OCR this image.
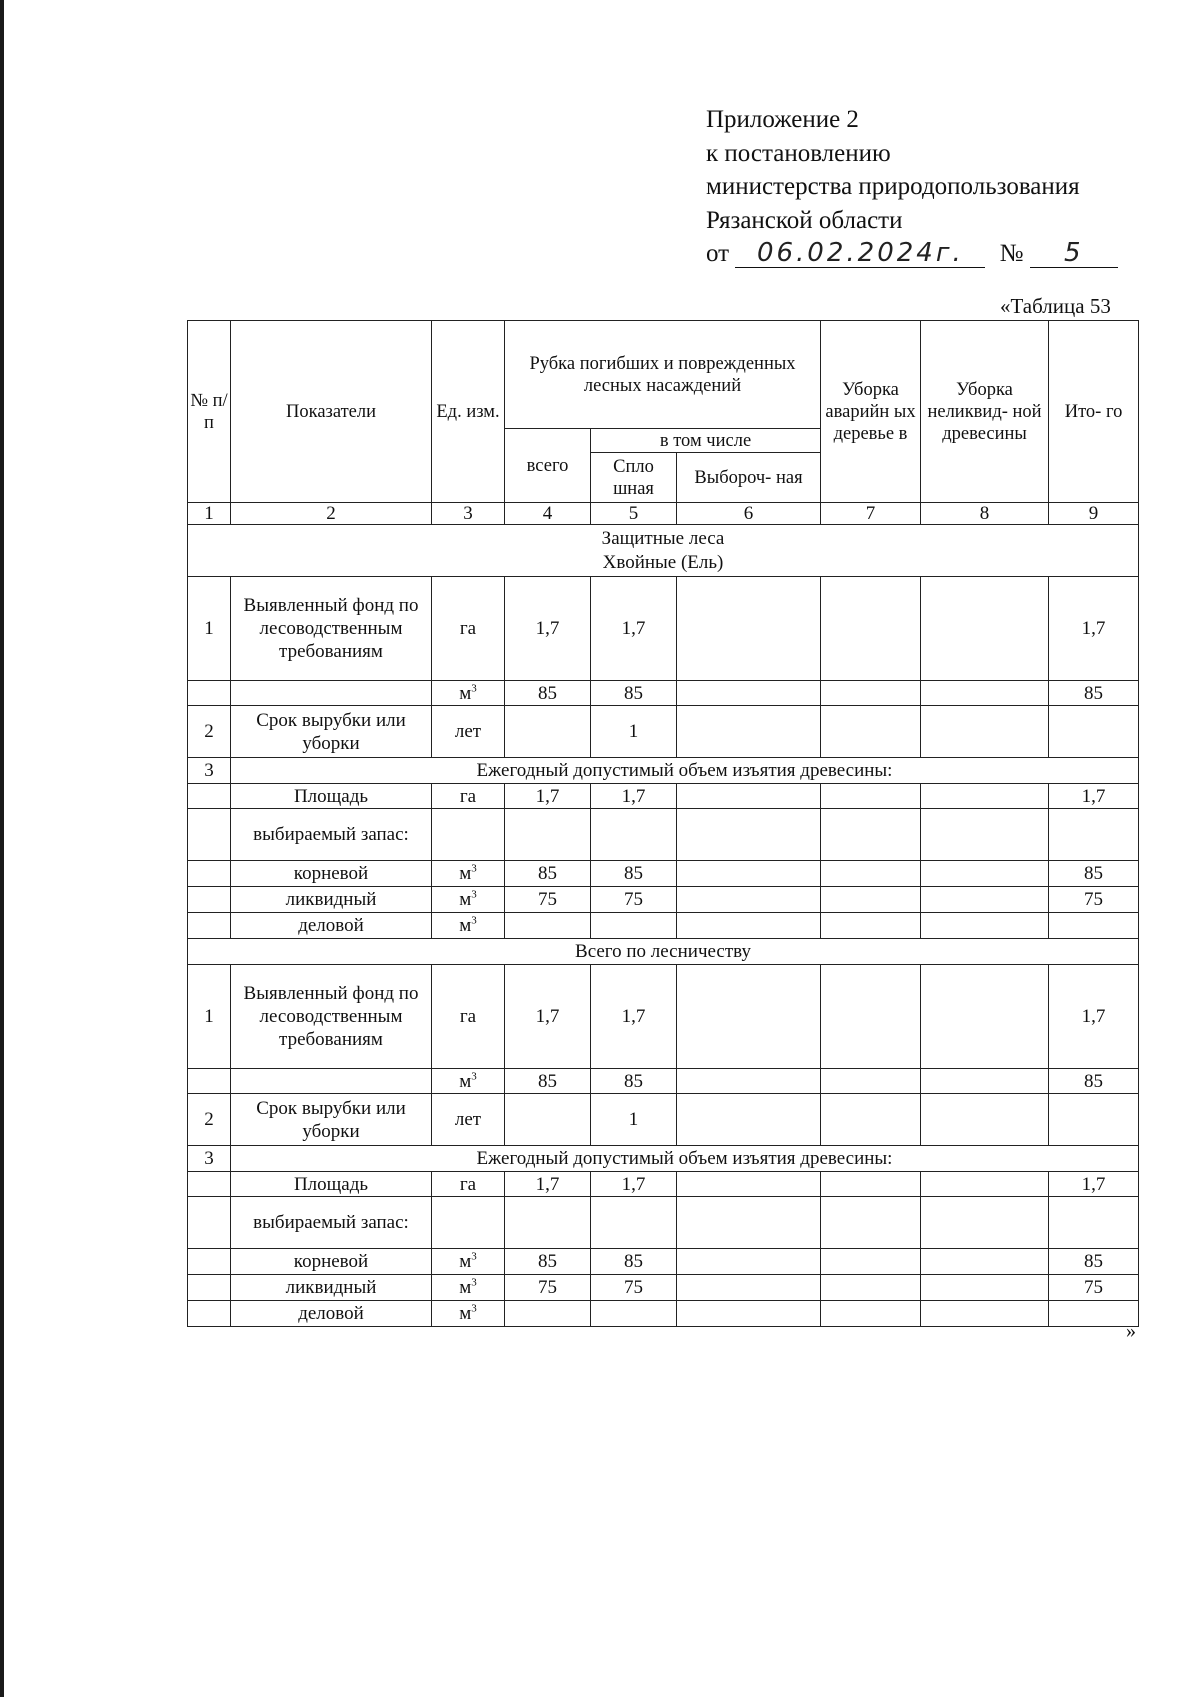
Приложение 2
к постановлению
министерства природопользования
Рязанской области
от 06.02.2024г. № 5
«Таблица 53
№ п/ п	Показатели	Ед. изм.	Рубка погибших и поврежденных лесных насаждений			Уборка аварийн ых деревье в	Уборка неликвид- ной древесины	Ито- го
			всего	в том числе				
				Спло шная	Выбороч- ная			
1	2	3	4	5	6	7	8	9

Защитные леса
Хвойные (Ель)								

1	Выявленный фонд по лесоводственным требованиям	га	1,7	1,7				1,7
		$м^3$	85	85				85
2	Срок вырубки или уборки	лет		1				
3	Ежегодный допустимый объем изъятия древесины:							
	Площадь	га	1,7	1,7				1,7
	выбираемый запас:							
	корневой	$м^3$	85	85				85
	ликвидный	$м^3$	75	75				75
	деловой	$м^3$						
Всего по лесничеству								
1	Выявленный фонд по лесоводственным требованиям	га	1,7	1,7				1,7
		$м^3$	85	85				85
2	Срок вырубки или уборки	лет		1				
3	Ежегодный допустимый объем изъятия древесины:							
	Площадь	га	1,7	1,7				1,7
	выбираемый запас:							
	корневой	$м^3$	85	85				85
	ликвидный	$м^3$	75	75				75
	деловой	$м^3$						
»
